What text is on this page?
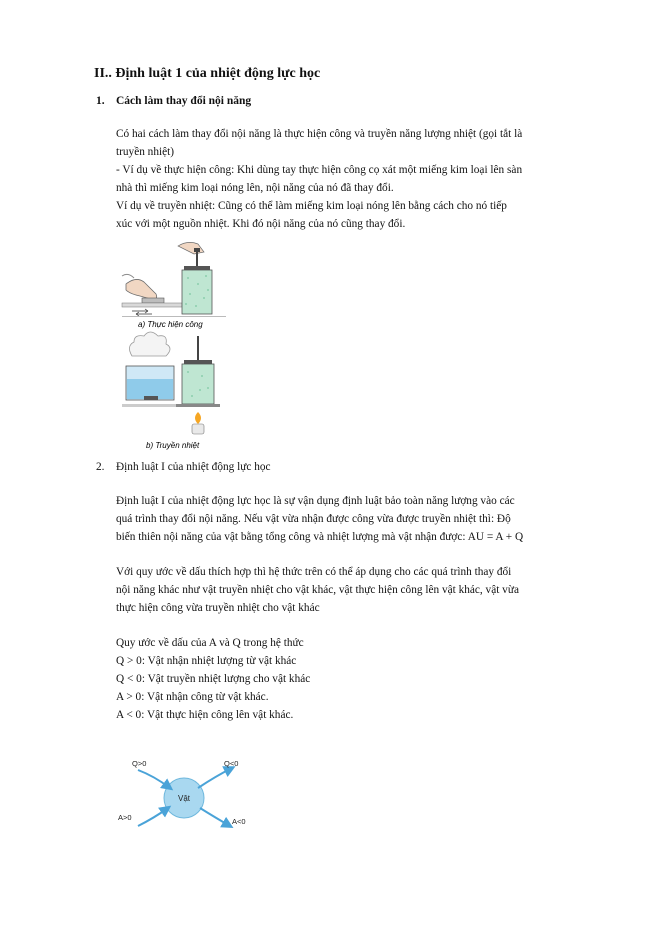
II.. Định luật 1 của nhiệt động lực học
1. Cách làm thay đổi nội năng
Có hai cách làm thay đổi nội năng là thực hiện công và truyền năng lượng nhiệt (gọi tắt là
truyền nhiệt)
- Ví dụ về thực hiện công: Khi dùng tay thực hiện công cọ xát một miếng kim loại lên sàn
nhà thì miếng kim loại nóng lên, nội năng của nó đã thay đổi.
Ví dụ về truyền nhiệt: Cũng có thể làm miếng kim loại nóng lên bằng cách cho nó tiếp
xúc với một nguồn nhiệt. Khi đó nội năng của nó cũng thay đổi.
a) Thực hiện công
b) Truyền nhiệt
2. Định luật I của nhiệt động lực học
Định luật I của nhiệt động lực học là sự vận dụng định luật bảo toàn năng lượng vào các
quá trình thay đổi nội năng. Nếu vật vừa nhận được công vừa được truyền nhiệt thì: Độ
biến thiên nội năng của vật bằng tổng công và nhiệt lượng mà vật nhận được: AU = A + Q
Với quy ước về dấu thích hợp thì hệ thức trên có thể áp dụng cho các quá trình thay đổi
nội năng khác như vật truyền nhiệt cho vật khác, vật thực hiện công lên vật khác, vật vừa
thực hiện công vừa truyền nhiệt cho vật khác
Quy ước về dấu của A và Q trong hệ thức
Q > 0: Vật nhận nhiệt lượng từ vật khác
Q < 0: Vật truyền nhiệt lượng cho vật khác
A > 0: Vật nhận công từ vật khác.
A < 0: Vật thực hiện công lên vật khác.
Vật
Q>0	Q<0
A>0	A<0
